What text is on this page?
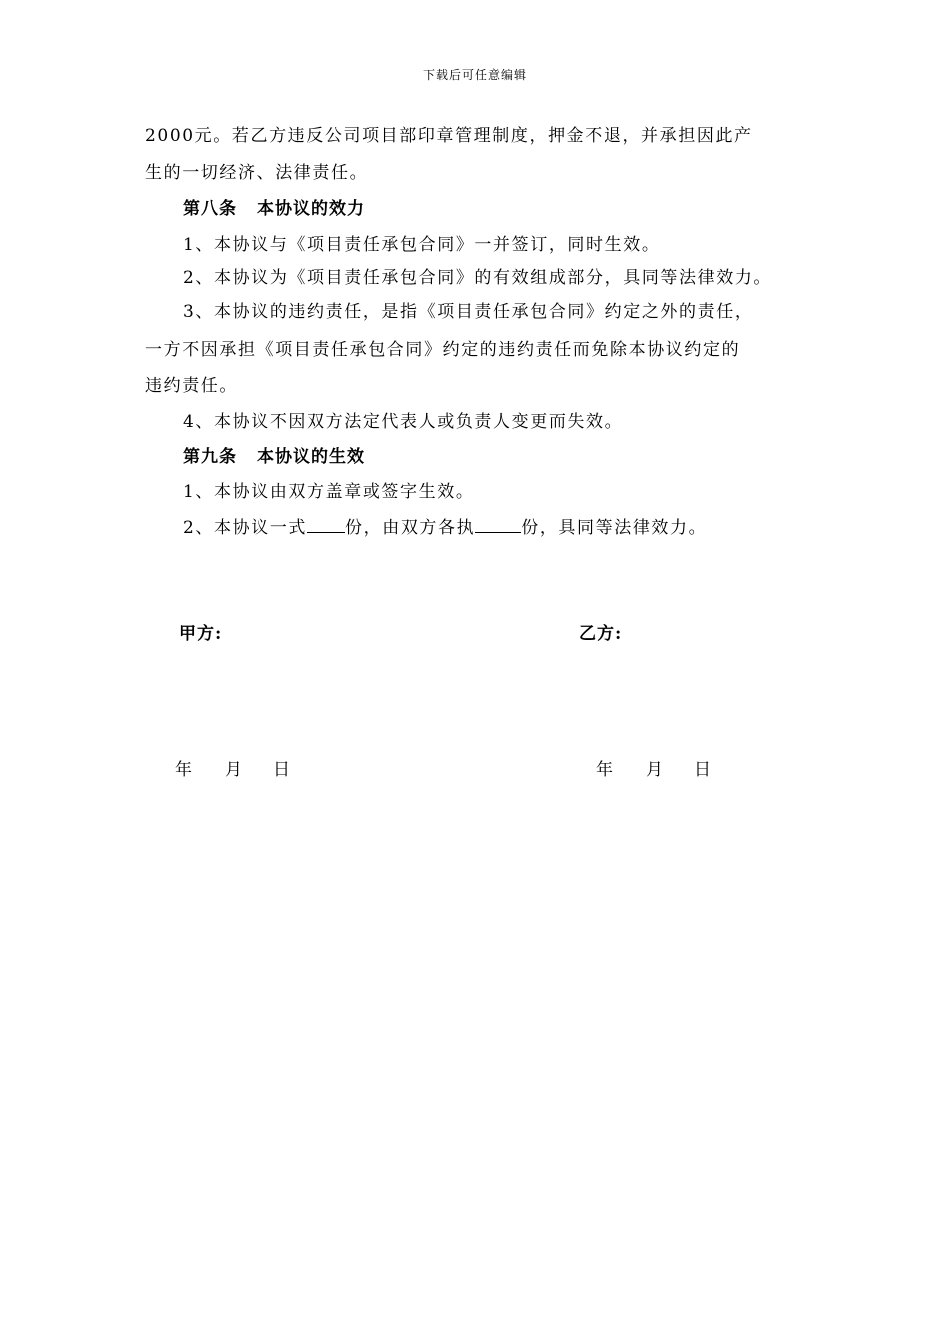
下载后可任意编辑
2000元。若乙方违反公司项目部印章管理制度，押金不退，并承担因此产
生的一切经济、法律责任。
第八条 本协议的效力
1、本协议与《项目责任承包合同》一并签订，同时生效。
2、本协议为《项目责任承包合同》的有效组成部分，具同等法律效力。
3、本协议的违约责任，是指《项目责任承包合同》约定之外的责任，
一方不因承担《项目责任承包合同》约定的违约责任而免除本协议约定的
违约责任。
4、本协议不因双方法定代表人或负责人变更而失效。
第九条 本协议的生效
1、本协议由双方盖章或签字生效。
2、本协议一式 份，由双方各执	份，具同等法律效力。
甲方:	乙方:
年 月 日	年 月 日
